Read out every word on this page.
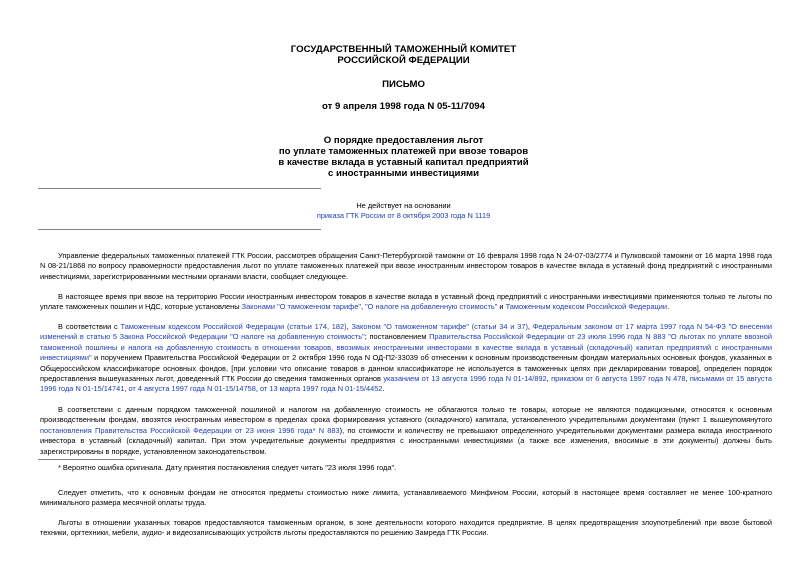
ГОСУДАРСТВЕННЫЙ ТАМОЖЕННЫЙ КОМИТЕТ
РОССИЙСКОЙ ФЕДЕРАЦИИ
ПИСЬМО
от 9 апреля 1998 года N 05-11/7094
О порядке предоставления льгот
по уплате таможенных платежей при ввозе товаров
в качестве вклада в уставный капитал предприятий
с иностранными инвестициями
Не действует на основании
приказа ГТК России от 8 октября 2003 года N 1119

Управление федеральных таможенных платежей ГТК России, рассмотрев обращения Санкт-Петербургской таможни от 16 февраля 1998 года N 24-07-03/2774 и Пулковской таможни от 16 марта 1998 года N 08-21/1868 по вопросу правомерности предоставления льгот по уплате таможенных платежей при ввозе иностранным инвестором товаров в качестве вклада в уставный фонд предприятий с иностранными инвестициями, зарегистрированными местными органами власти, сообщает следующее.

В настоящее время при ввозе на территорию России иностранным инвестором товаров в качестве вклада в уставный фонд предприятий с иностранными инвестициями применяются только те льготы по уплате таможенных пошлин и НДС, которые установлены Законами "О таможенном тарифе", "О налоге на добавленную стоимость" и Таможенным кодексом Российской Федерации.

В соответствии с Таможенным кодексом Российской Федерации (статьи 174, 182), Законом "О таможенном тарифе" (статьи 34 и 37), Федеральным законом от 17 марта 1997 года N 54-ФЗ "О внесении изменений в статью 5 Закона Российской Федерации "О налоге на добавленную стоимость"; постановлением Правительства Российской Федерации от 23 июля 1996 года N 883 "О льготах по уплате ввозной таможенной пошлины и налога на добавленную стоимость в отношении товаров, ввозимых иностранными инвесторами в качестве вклада в уставный (складочный) капитал предприятий с иностранными инвестициями" и поручением Правительства Российской Федерации от 2 октября 1996 года N ОД-П2-33039 об отнесении к основным производственным фондам материальных основных фондов, указанных в Общероссийском классификаторе основных фондов, [при условии что описание товаров в данном классификаторе не используется в таможенных целях при декларировании товаров], определен порядок предоставления вышеуказанных льгот, доведенный ГТК России до сведения таможенных органов указанием от 13 августа 1996 года N 01-14/892, приказом от 6 августа 1997 года N 478, письмами от 15 августа 1996 года N 01-15/14741, от 4 августа 1997 года N 01-15/14758, от 13 марта 1997 года N 01-15/4452.

В соответствии с данным порядком таможенной пошлиной и налогом на добавленную стоимость не облагаются только те товары, которые не являются подакцизными, относятся к основным производственным фондам, ввозятся иностранным инвестором в пределах срока формирования уставного (складочного) капитала, установленного учредительными документами (пункт 1 вышеупомянутого постановления Правительства Российской Федерации от 23 июня 1996 года* N 883), по стоимости и количеству не превышают определенного учредительными документами размера вклада иностранного инвестора в уставный (складочный) капитал. При этом учредительные документы предприятия с иностранными инвестициями (а также все изменения, вносимые в эти документы) должны быть зарегистрированы в порядке, установленном законодательством.

* Вероятно ошибка оригинала. Дату принятия постановления следует читать "23 июля 1996 года".

Следует отметить, что к основным фондам не относятся предметы стоимостью ниже лимита, устанавливаемого Минфином России, который в настоящее время составляет не менее 100-кратного минимального размера месячной оплаты труда.

Льготы в отношении указанных товаров предоставляются таможенным органом, в зоне деятельности которого находится предприятие. В целях предотвращения злоупотреблений при ввозе бытовой техники, оргтехники, мебели, аудио- и видеозаписывающих устройств льготы предоставляются по решению Замреда ГТК России.
